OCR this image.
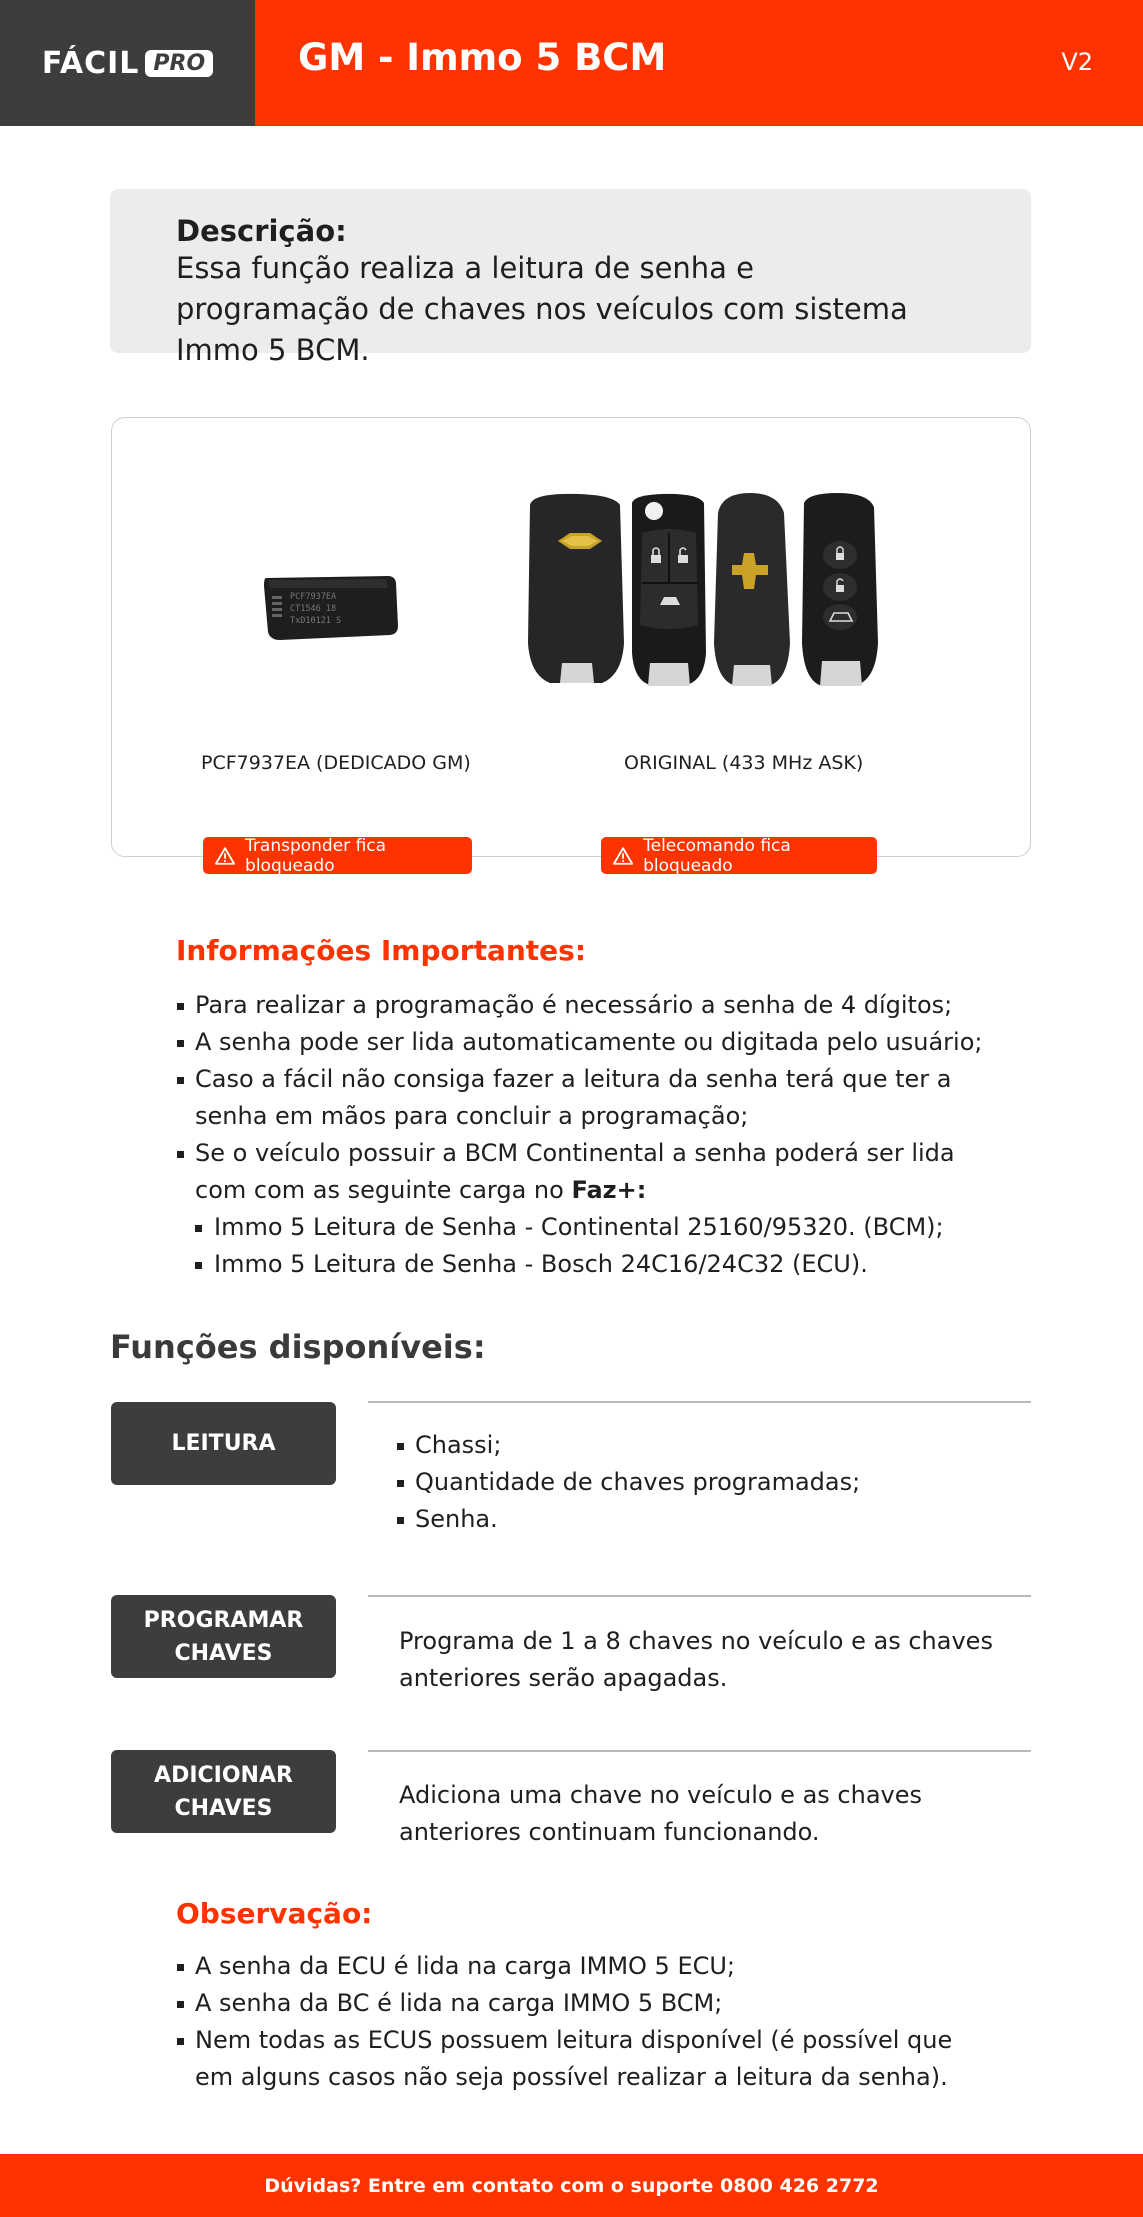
FÁCIL PRO	GM - Immo 5 BCM	V2
Descrição:
Essa função realiza a leitura de senha e programação de chaves nos veículos com sistema Immo 5 BCM.
PCF7937EA
CT1546 18
TxD10121 S
PCF7937EA (DEDICADO GM)	ORIGINAL (433 MHz ASK)
Transponder fica bloqueado
Telecomando fica bloqueado
Informações Importantes:
Para realizar a programação é necessário a senha de 4 dígitos;
A senha pode ser lida automaticamente ou digitada pelo usuário;
Caso a fácil não consiga fazer a leitura da senha terá que ter a senha em mãos para concluir a programação;
Se o veículo possuir a BCM Continental a senha poderá ser lida com com as seguinte carga no Faz+:
Immo 5 Leitura de Senha - Continental 25160/95320. (BCM);
Immo 5 Leitura de Senha - Bosch 24C16/24C32 (ECU).
Funções disponíveis:
LEITURA	Chassi;
Quantidade de chaves programadas;
Senha.
PROGRAMAR
CHAVES	Programa de 1 a 8 chaves no veículo e as chaves anteriores serão apagadas.
ADICIONAR
CHAVES	Adiciona uma chave no veículo e as chaves anteriores continuam funcionando.
Observação:
A senha da ECU é lida na carga IMMO 5 ECU;
A senha da BC é lida na carga IMMO 5 BCM;
Nem todas as ECUS possuem leitura disponível (é possível que em alguns casos não seja possível realizar a leitura da senha).
Dúvidas? Entre em contato com o suporte 0800 426 2772
